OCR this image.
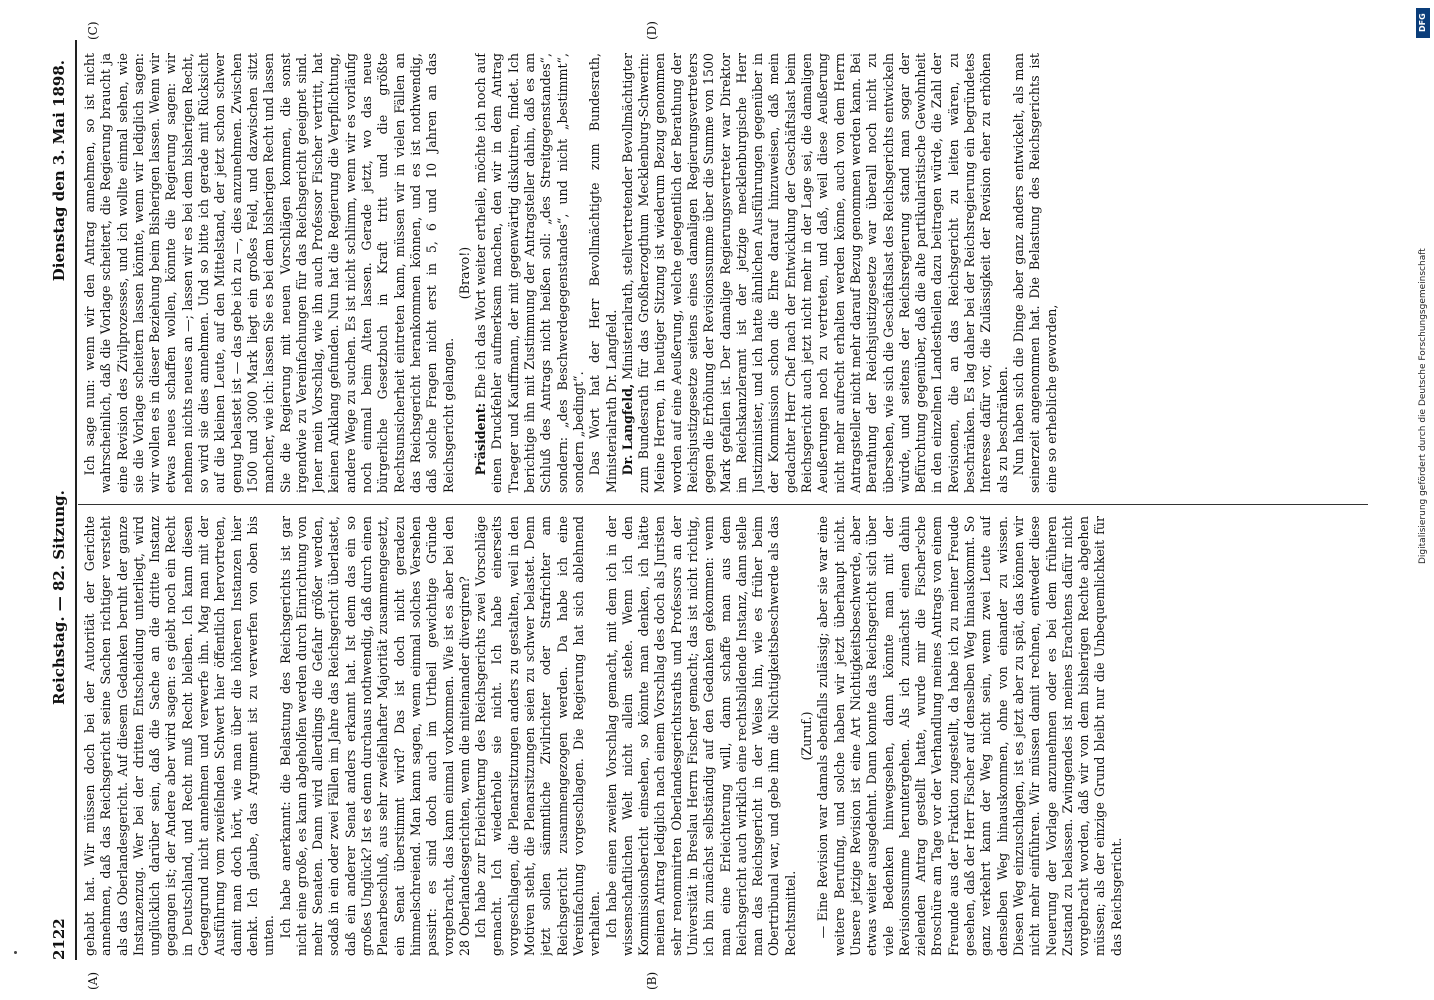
2122
Reichstag. — 82. Sitzung.
Dienstag den 3. Mai 1898.
(A)	(B)
(C)	(D)

gehabt hat. Wir müssen doch bei der Autorität der Gerichte annehmen, daß das Reichsgericht seine Sachen richtiger versteht als das Oberlandesgericht. Auf diesem Gedanken beruht der ganze Instanzenzug. Wer bei der dritten Entscheidung unterliegt, wird unglücklich darüber sein, daß die Sache an die dritte Instanz gegangen ist; der Andere aber wird sagen: es giebt noch ein Recht in Deutschland, und Recht muß Recht bleiben. Ich kann diesen Gegengrund nicht annehmen und verwerfe ihn. Mag man mit der Ausführung vom zweifelnden Schwert hier öffentlich hervortreten, damit man doch hört, wie man über die höheren Instanzen hier denkt. Ich glaube, das Argument ist zu verwerfen von oben bis unten. Ich habe anerkannt: die Belastung des Reichsgerichts ist gar nicht eine große, es kann abgeholfen werden durch Einrichtung von mehr Senaten. Dann wird allerdings die Gefahr größer werden, sodaß in ein oder zwei Fällen im Jahre das Reichsgericht überlastet, daß ein anderer Senat anders erkannt hat. Ist denn das ein so großes Unglück? Ist es denn durchaus nothwendig, daß durch einen Plenarbeschluß, aus sehr zweifelhafter Majorität zusammengesetzt, ein Senat überstimmt wird? Das ist doch nicht geradezu himmelschreiend. Man kann sagen, wenn einmal solches Versehen passirt: es sind doch auch im Urtheil gewichtige Gründe vorgebracht, das kann einmal vorkommen. Wie ist es aber bei den 28 Oberlandesgerichten, wenn die miteinander divergiren? Ich habe zur Erleichterung des Reichsgerichts zwei Vorschläge gemacht. Ich wiederhole sie nicht. Ich habe einerseits vorgeschlagen, die Plenarsitzungen anders zu gestalten, weil in den Motiven steht, die Plenarsitzungen seien zu schwer belastet. Denn jetzt sollen sämmtliche Zivilrichter oder Strafrichter am Reichsgericht zusammengezogen werden. Da habe ich eine Vereinfachung vorgeschlagen. Die Regierung hat sich ablehnend verhalten. Ich habe einen zweiten Vorschlag gemacht, mit dem ich in der wissenschaftlichen Welt nicht allein stehe. Wenn ich den Kommissionsbericht einsehen, so könnte man denken, ich hätte meinen Antrag lediglich nach einem Vorschlag des doch als Juristen sehr renommirten Oberlandesgerichtsraths und Professors an der Universität in Breslau Herrn Fischer gemacht; das ist nicht richtig, ich bin zunächst selbständig auf den Gedanken gekommen: wenn man eine Erleichterung will, dann schaffe man aus dem Reichsgericht auch wirklich eine rechtsbildende Instanz, dann stelle man das Reichsgericht in der Weise hin, wie es früher beim Obertribunal war, und gebe ihm die Nichtigkeitsbeschwerde als das Rechtsmittel.

(Zuruf.) — Eine Revision war damals ebenfalls zulässig; aber sie war eine weitere Berufung, und solche haben wir jetzt überhaupt nicht. Unsere jetzige Revision ist eine Art Nichtigkeitsbeschwerde, aber etwas weiter ausgedehnt. Dann konnte das Reichsgericht sich über viele Bedenken hinwegsehen, dann könnte man mit der Revisionssumme heruntergehen. Als ich zunächst einen dahin zielenden Antrag gestellt hatte, wurde mir die Fischer'sche Broschüre am Tage vor der Verhandlung meines Antrags von einem Freunde aus der Fraktion zugestellt, da habe ich zu meiner Freude gesehen, daß der Herr Fischer auf denselben Weg hinauskommt. So ganz verkehrt kann der Weg nicht sein, wenn zwei Leute auf denselben Weg hinauskommen, ohne von einander zu wissen. Diesen Weg einzuschlagen, ist es jetzt aber zu spät, das können wir nicht mehr einführen. Wir müssen damit rechnen, entweder diese Neuerung der Vorlage anzunehmen oder es bei dem früheren Zustand zu belassen. Zwingendes ist meines Erachtens dafür nicht vorgebracht worden, daß wir von dem bisherigen Rechte abgehen müssen; als der einzige Grund bleibt nur die Unbequemlichkeit für das Reichsgericht.

Ich sage nun: wenn wir den Antrag annehmen, so ist nicht wahrscheinlich, daß die Vorlage scheitert, die Regierung braucht ja eine Revision des Zivilprozesses, und ich wollte einmal sehen, wie sie die Vorlage scheitern lassen könnte, wenn wir lediglich sagen: wir wollen es in dieser Beziehung beim Bisherigen lassen. Wenn wir etwas neues schaffen wollen, könnte die Regierung sagen: wir nehmen nichts neues an —; lassen wir es bei dem bisherigen Recht, so wird sie dies annehmen. Und so bitte ich gerade mit Rücksicht auf die kleinen Leute, auf den Mittelstand, der jetzt schon schwer genug belastet ist — das gebe ich zu —, dies anzunehmen. Zwischen 1500 und 3000 Mark liegt ein großes Feld, und dazwischen sitzt mancher, wie ich: lassen Sie es bei dem bisherigen Recht und lassen Sie die Regierung mit neuen Vorschlägen kommen, die sonst irgendwie zu Vereinfachungen für das Reichsgericht geeignet sind. Jener mein Vorschlag, wie ihn auch Professor Fischer vertritt, hat keinen Anklang gefunden. Nun hat die Regierung die Verpflichtung, andere Wege zu suchen. Es ist nicht schlimm, wenn wir es vorläufig noch einmal beim Alten lassen. Gerade jetzt, wo das neue bürgerliche Gesetzbuch in Kraft tritt und die größte Rechtsunsicherheit eintreten kann, müssen wir in vielen Fällen an das Reichsgericht herankommen können, und es ist nothwendig, daß solche Fragen nicht erst in 5, 6 und 10 Jahren an das Reichsgericht gelangen.

(Bravo!)

Präsident: Ehe ich das Wort weiter ertheile, möchte ich noch auf einen Druckfehler aufmerksam machen, den wir in dem Antrag Traeger und Kauffmann, der mit gegenwärtig diskutiren, findet. Ich berichtige ihn mit Zustimmung der Antragsteller dahin, daß es am Schluß des Antrags nicht heißen soll: „des Streitgegenstandes“, sondern: „des Beschwerdegegenstandes“, und nicht „bestimmt“, sondern „bedingt“. Das Wort hat der Herr Bevollmächtigte zum Bundesrath, Ministerialrath Dr. Langfeld. Dr. Langfeld, Ministerialrath, stellvertretender Bevollmächtigter zum Bundesrath für das Großherzogthum Mecklenburg-Schwerin: Meine Herren, in heutiger Sitzung ist wiederum Bezug genommen worden auf eine Aeußerung, welche gelegentlich der Berathung der Reichsjustizgesetze seitens eines damaligen Regierungsvertreters gegen die Erhöhung der Revisionssumme über die Summe von 1500 Mark gefallen ist. Der damalige Regierungsvertreter war Direktor im Reichskanzleramt ist der jetzige mecklenburgische Herr Justizminister, und ich hatte ähnlichen Ausführungen gegenüber in der Kommission schon die Ehre darauf hinzuweisen, daß mein gedachter Herr Chef nach der Entwicklung der Geschäftslast beim Reichsgericht auch jetzt nicht mehr in der Lage sei, die damaligen Aeußerungen noch zu vertreten, und daß, weil diese Aeußerung nicht mehr aufrecht erhalten werden könne, auch von dem Herrn Antragsteller nicht mehr darauf Bezug genommen werden kann. Bei Berathung der Reichsjustizgesetze war überall noch nicht zu übersehen, wie sich die Geschäftslast des Reichsgerichts entwickeln würde, und seitens der Reichsregierung stand man sogar der Befürchtung gegenüber, daß die alte partikularistische Gewohnheit in den einzelnen Landestheilen dazu beitragen würde, die Zahl der Revisionen, die an das Reichsgericht zu leiten wären, zu beschränken. Es lag daher bei der Reichsregierung ein begründetes Interesse dafür vor, die Zulässigkeit der Revision eher zu erhöhen als zu beschränken. Nun haben sich die Dinge aber ganz anders entwickelt, als man seinerzeit angenommen hat. Die Belastung des Reichsgerichts ist eine so erhebliche geworden,

DFG
Digitalisierung gefördert durch die Deutsche Forschungsgemeinschaft
